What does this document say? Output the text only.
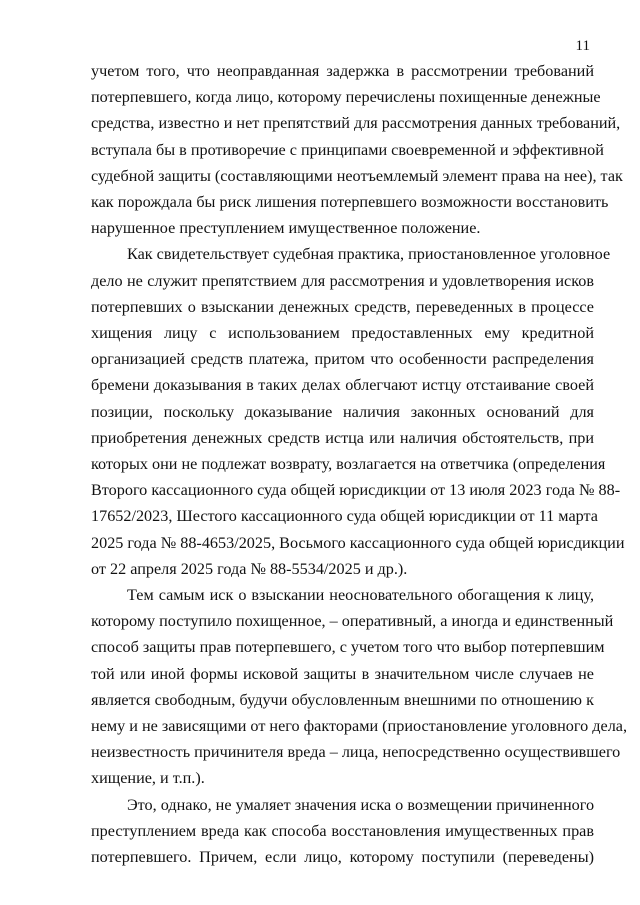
11

учетом того, что неоправданная задержка в рассмотрении требований
потерпевшего, когда лицо, которому перечислены похищенные денежные
средства, известно и нет препятствий для рассмотрения данных требований,
вступала бы в противоречие с принципами своевременной и эффективной
судебной защиты (составляющими неотъемлемый элемент права на нее), так
как порождала бы риск лишения потерпевшего возможности восстановить
нарушенное преступлением имущественное положение.

Как свидетельствует судебная практика, приостановленное уголовное
дело не служит препятствием для рассмотрения и удовлетворения исков
потерпевших о взыскании денежных средств, переведенных в процессе
хищения лицу с использованием предоставленных ему кредитной
организацией средств платежа, притом что особенности распределения
бремени доказывания в таких делах облегчают истцу отстаивание своей
позиции, поскольку доказывание наличия законных оснований для
приобретения денежных средств истца или наличия обстоятельств, при
которых они не подлежат возврату, возлагается на ответчика (определения
Второго кассационного суда общей юрисдикции от 13 июля 2023 года № 88-
17652/2023, Шестого кассационного суда общей юрисдикции от 11 марта
2025 года № 88-4653/2025, Восьмого кассационного суда общей юрисдикции
от 22 апреля 2025 года № 88-5534/2025 и др.).

Тем самым иск о взыскании неосновательного обогащения к лицу,
которому поступило похищенное, – оперативный, а иногда и единственный
способ защиты прав потерпевшего, с учетом того что выбор потерпевшим
той или иной формы исковой защиты в значительном числе случаев не
является свободным, будучи обусловленным внешними по отношению к
нему и не зависящими от него факторами (приостановление уголовного дела,
неизвестность причинителя вреда – лица, непосредственно осуществившего
хищение, и т.п.).

Это, однако, не умаляет значения иска о возмещении причиненного
преступлением вреда как способа восстановления имущественных прав
потерпевшего. Причем, если лицо, которому поступили (переведены)
